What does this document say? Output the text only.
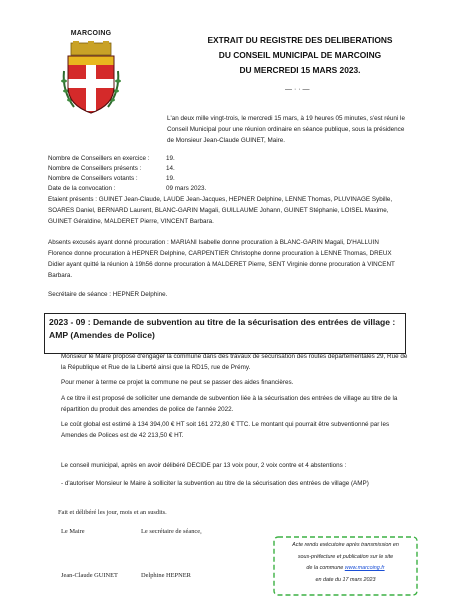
MARCOING
EXTRAIT DU REGISTRE DES DELIBERATIONS
DU CONSEIL MUNICIPAL DE MARCOING
DU MERCREDI 15 MARS 2023.
— · · —
L'an deux mille vingt-trois, le mercredi 15 mars, à 19 heures 05 minutes, s'est réuni le Conseil Municipal pour une réunion ordinaire en séance publique, sous la présidence de Monsieur Jean-Claude GUINET, Maire.
Nombre de Conseillers en exercice :	19.
Nombre de Conseillers présents :	14.
Nombre de Conseillers votants :	19.
Date de la convocation :	09 mars 2023.
Etaient présents : GUINET Jean-Claude, LAUDE Jean-Jacques, HEPNER Delphine, LENNE Thomas, PLUVINAGE Sybille, SOARES Daniel, BERNARD Laurent, BLANC-GARIN Magali, GUILLAUME Johann, GUINET Stéphanie, LOISEL Maxime, GUINET Géraldine, MALDERET Pierre, VINCENT Barbara.
Absents excusés ayant donné procuration : MARIANI Isabelle donne procuration à BLANC-GARIN Magali, D'HALLUIN Florence donne procuration à HEPNER Delphine, CARPENTIER Christophe donne procuration à LENNE Thomas, DREUX Didier ayant quitté la réunion à 19h56 donne procuration à MALDERET Pierre, SENT Virginie donne procuration à VINCENT Barbara.
Secrétaire de séance : HEPNER Delphine.
2023 - 09 : Demande de subvention au titre de la sécurisation des entrées de village : AMP (Amendes de Police)
Monsieur le Maire propose d'engager la commune dans des travaux de sécurisation des routes départementales 29, Rue de la République et Rue de la Liberté ainsi que la RD15, rue de Prémy.
Pour mener à terme ce projet la commune ne peut se passer des aides financières.
A ce titre il est proposé de solliciter une demande de subvention liée à la sécurisation des entrées de village au titre de la répartition du produit des amendes de police de l'année 2022.
Le coût global est estimé à 134 394,00 € HT soit 161 272,80 € TTC. Le montant qui pourrait être subventionné par les Amendes de Polices est de 42 213,50 € HT.
Le conseil municipal, après en avoir délibéré DECIDE par 13 voix pour, 2 voix contre et 4 abstentions :
- d'autoriser Monsieur le Maire à solliciter la subvention au titre de la sécurisation des entrées de village (AMP)
Fait et délibéré les jour, mois et an susdits.
Le Maire	Le secrétaire de séance,
Jean-Claude GUINET	Delphine HEPNER
Acte rendu exécutoire après transmission en
sous-préfecture et publication sur le site
de la commune www.marcoing.fr
en date du 17 mars 2023
